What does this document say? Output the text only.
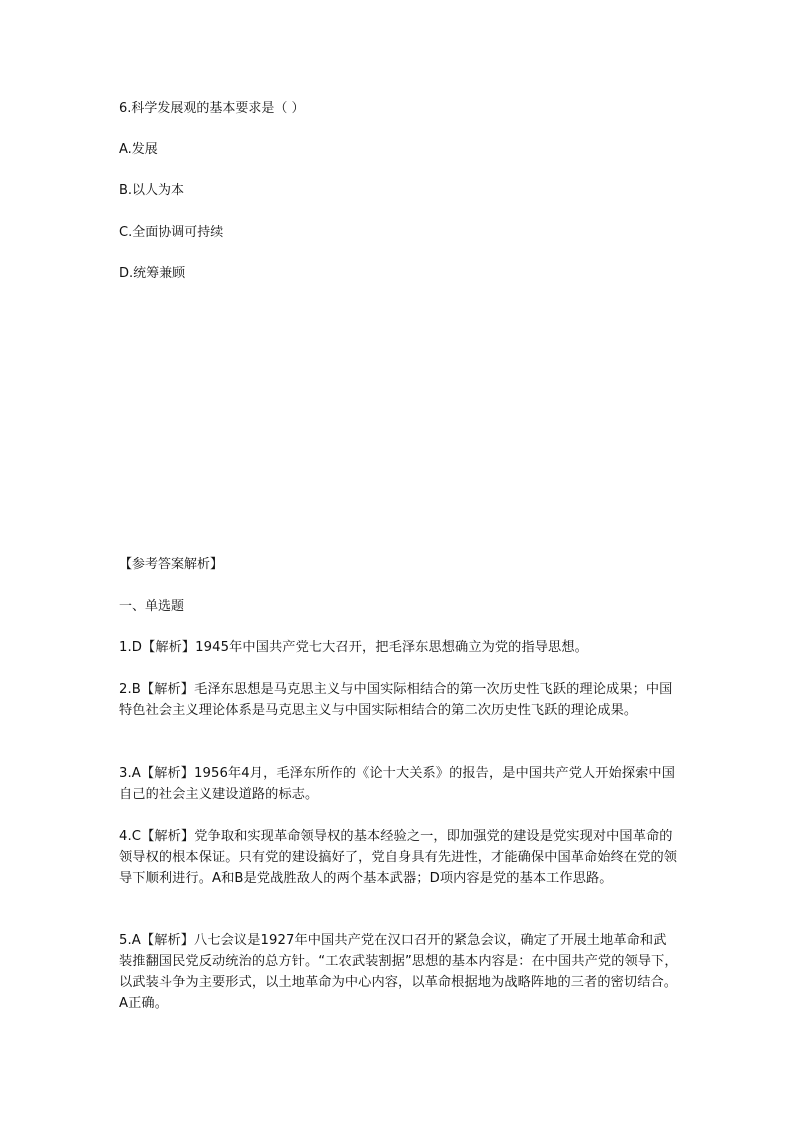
6.科学发展观的基本要求是（ ）
A.发展
B.以人为本
C.全面协调可持续
D.统筹兼顾
【参考答案解析】
一、单选题
1.D【解析】1945年中国共产党七大召开，把毛泽东思想确立为党的指导思想。
2.B【解析】毛泽东思想是马克思主义与中国实际相结合的第一次历史性飞跃的理论成果；中国特色社会主义理论体系是马克思主义与中国实际相结合的第二次历史性飞跃的理论成果。
3.A【解析】1956年4月，毛泽东所作的《论十大关系》的报告，是中国共产党人开始探索中国自己的社会主义建设道路的标志。
4.C【解析】党争取和实现革命领导权的基本经验之一，即加强党的建设是党实现对中国革命的领导权的根本保证。只有党的建设搞好了，党自身具有先进性，才能确保中国革命始终在党的领导下顺利进行。A和B是党战胜敌人的两个基本武器；D项内容是党的基本工作思路。
5.A【解析】八七会议是1927年中国共产党在汉口召开的紧急会议，确定了开展土地革命和武装推翻国民党反动统治的总方针。“工农武装割据”思想的基本内容是：在中国共产党的领导下，以武装斗争为主要形式，以土地革命为中心内容，以革命根据地为战略阵地的三者的密切结合。A正确。
